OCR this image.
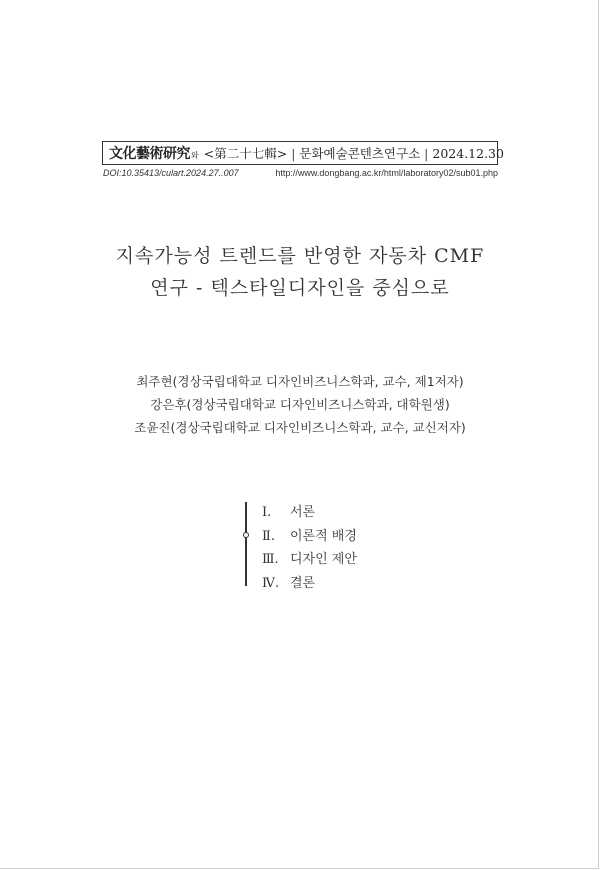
文化藝術研究 와 <第二十七輯> | 문화예술콘텐츠연구소 | 2024.12.30
DOI:10.35413/culart.2024.27..007	http://www.dongbang.ac.kr/html/laboratory02/sub01.php
지속가능성 트렌드를 반영한 자동차 CMF
연구 - 텍스타일디자인을 중심으로
최주현(경상국립대학교 디자인비즈니스학과, 교수, 제1저자)
강은후(경상국립대학교 디자인비즈니스학과, 대학원생)
조윤진(경상국립대학교 디자인비즈니스학과, 교수, 교신저자)
Ⅰ. 서론
Ⅱ. 이론적 배경
Ⅲ. 디자인 제안
Ⅳ. 결론
